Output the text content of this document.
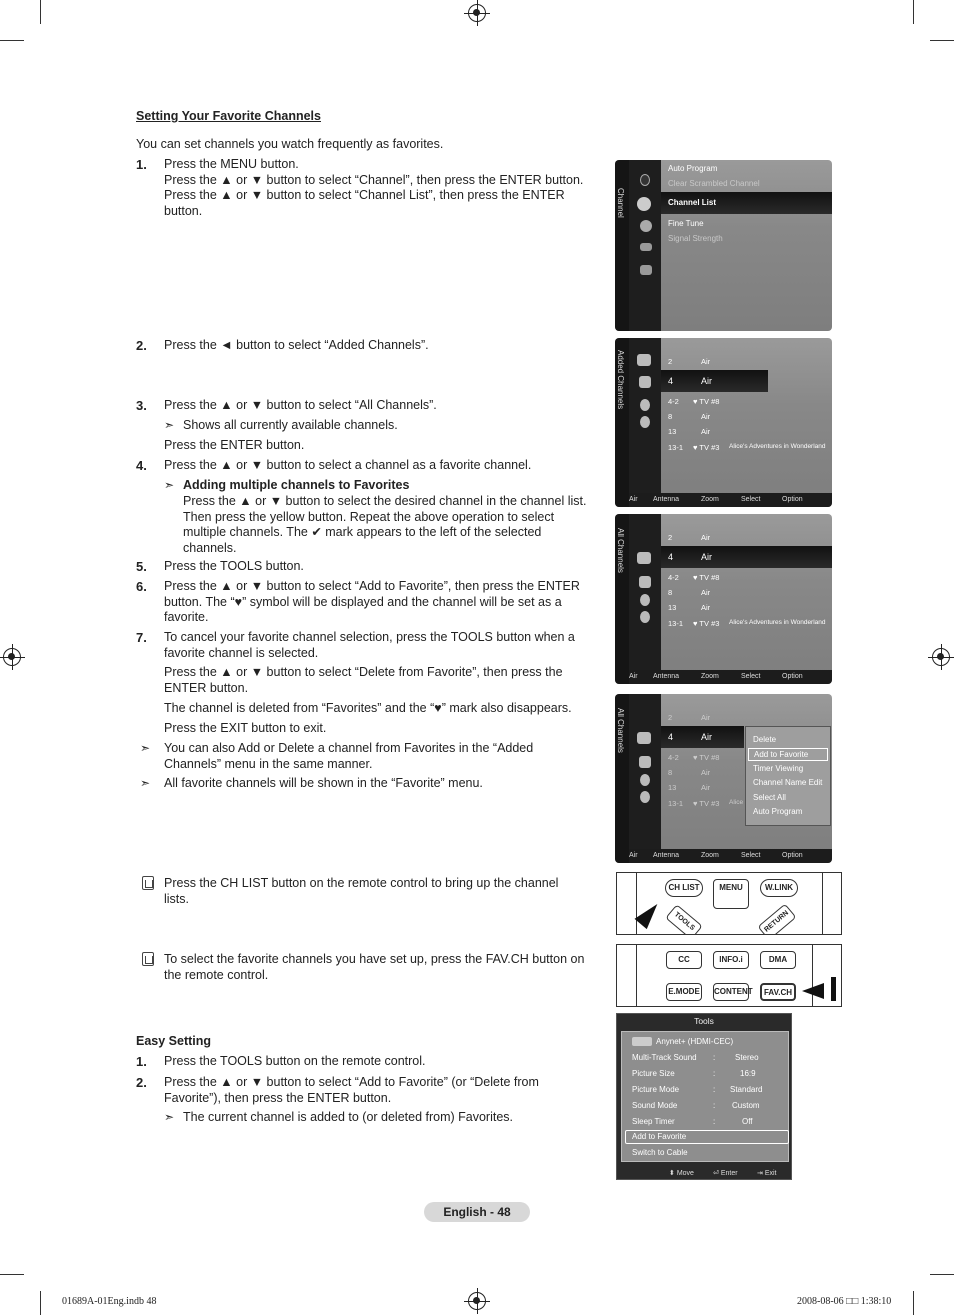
Setting Your Favorite Channels
You can set channels you watch frequently as favorites.
1. Press the MENU button.
Press the ▲ or ▼ button to select “Channel”, then press the ENTER button.
Press the ▲ or ▼ button to select “Channel List”, then press the ENTER button.
2. Press the ◄ button to select “Added Channels”.
3. Press the ▲ or ▼ button to select “All Channels”.
➣ Shows all currently available channels.
Press the ENTER button.
4. Press the ▲ or ▼ button to select a channel as a favorite channel.
➣ Adding multiple channels to Favorites
Press the ▲ or ▼ button to select the desired channel in the channel list. Then press the yellow button. Repeat the above operation to select multiple channels. The ✔ mark appears to the left of the selected channels.
5. Press the TOOLS button.
6. Press the ▲ or ▼ button to select “Add to Favorite”, then press the ENTER button. The “♥” symbol will be displayed and the channel will be set as a favorite.
7. To cancel your favorite channel selection, press the TOOLS button when a favorite channel is selected.
Press the ▲ or ▼ button to select “Delete from Favorite”, then press the ENTER button.
The channel is deleted from “Favorites” and the “♥” mark also disappears.
Press the EXIT button to exit.
➣ You can also Add or Delete a channel from Favorites in the “Added Channels” menu in the same manner.
➣ All favorite channels will be shown in the “Favorite” menu.
Press the CH LIST button on the remote control to bring up the channel lists.
To select the favorite channels you have set up, press the FAV.CH button on the remote control.
Easy Setting
1. Press the TOOLS button on the remote control.
2. Press the ▲ or ▼ button to select “Add to Favorite” (or “Delete from Favorite”), then press the ENTER button.
➣ The current channel is added to (or deleted from) Favorites.
Channel
Auto Program
Clear Scrambled Channel
Channel List
Fine Tune
Signal Strength
Added Channels	2	Air
4	Air
4-2 ♥ TV #8
8	Air
13	Air
13-1 ♥ TV #3 Alice's Adventures in Wonderland
Air Antenna	Zoom	Select	Option
All Channels	2	Air
4	Air
4-2 ♥ TV #8
8	Air
13	Air
13-1 ♥ TV #3 Alice's Adventures in Wonderland
Air Antenna	Zoom	Select	Option
All Channels	2	Air
4	Air
4-2 ♥ TV #8
8	Air
13	Air
13-1 ♥ TV #3 Alice
Delete
Add to Favorite
Timer Viewing
Channel Name Edit
Select All
Auto Program
Air Antenna	Zoom	Select	Option
CH LIST	MENU	W.LINK
TOOLS	RETURN
CC	INFO.i	DMA
E.MODE CONTENT	FAV.CH
Tools
Anynet+ (HDMI-CEC)
Multi-Track Sound : Stereo
Picture Size	:	16:9
Picture Mode	: Standard
Sound Mode	: Custom
Sleep Timer	:	Off
Add to Favorite
Switch to Cable
⬍ Move	⏎ Enter	⇥ Exit
English - 48
01689A-01Eng.indb 48	2008-08-06 □□ 1:38:10
